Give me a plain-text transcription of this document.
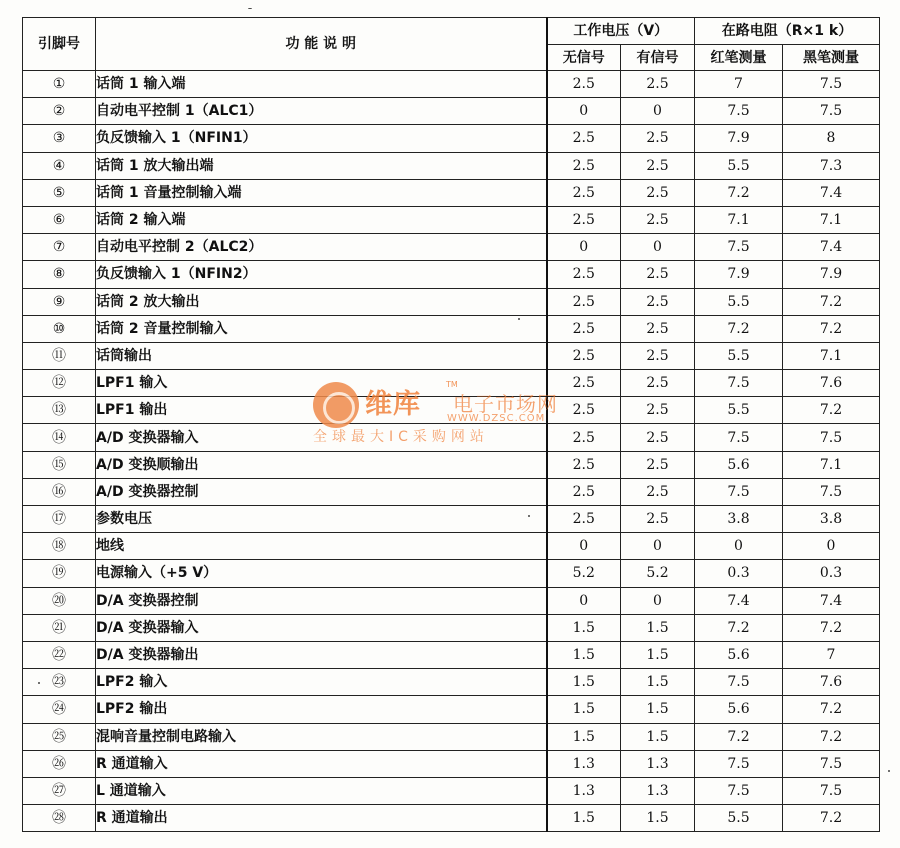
引脚号	功 能 说 明	工作电压（V）		在路电阻（R×1 k）	
		无信号	有信号	红笔测量	黑笔测量
①	话筒 1 输入端	2.5	2.5	7	7.5
②	自动电平控制 1（ALC1）	0	0	7.5	7.5
③	负反馈输入 1（NFIN1）	2.5	2.5	7.9	8
④	话筒 1 放大输出端	2.5	2.5	5.5	7.3
⑤	话筒 1 音量控制输入端	2.5	2.5	7.2	7.4
⑥	话筒 2 输入端	2.5	2.5	7.1	7.1
⑦	自动电平控制 2（ALC2）	0	0	7.5	7.4
⑧	负反馈输入 1（NFIN2）	2.5	2.5	7.9	7.9
⑨	话筒 2 放大输出	2.5	2.5	5.5	7.2
⑩	话筒 2 音量控制输入	2.5	2.5	7.2	7.2
⑪	话筒输出	2.5	2.5	5.5	7.1
⑫	LPF1 输入	2.5	2.5	7.5	7.6
⑬	LPF1 输出	2.5	2.5	5.5	7.2
⑭	A/D 变换器输入	2.5	2.5	7.5	7.5
⑮	A/D 变换顺输出	2.5	2.5	5.6	7.1
⑯	A/D 变换器控制	2.5	2.5	7.5	7.5
⑰	参数电压	2.5	2.5	3.8	3.8
⑱	地线	0	0	0	0
⑲	电源输入（+5 V）	5.2	5.2	0.3	0.3
⑳	D/A 变换器控制	0	0	7.4	7.4
㉑	D/A 变换器输入	1.5	1.5	7.2	7.2
㉒	D/A 变换器输出	1.5	1.5	5.6	7
㉓	LPF2 输入	1.5	1.5	7.5	7.6
㉔	LPF2 输出	1.5	1.5	5.6	7.2
㉕	混响音量控制电路输入	1.5	1.5	7.2	7.2
㉖	R 通道输入	1.3	1.3	7.5	7.5
㉗	L 通道输入	1.3	1.3	7.5	7.5
㉘	R 通道输出	1.5	1.5	5.5	7.2
维库
TM
电子市场网
WWW.DZSC.COM
全球最大IC采购网站
